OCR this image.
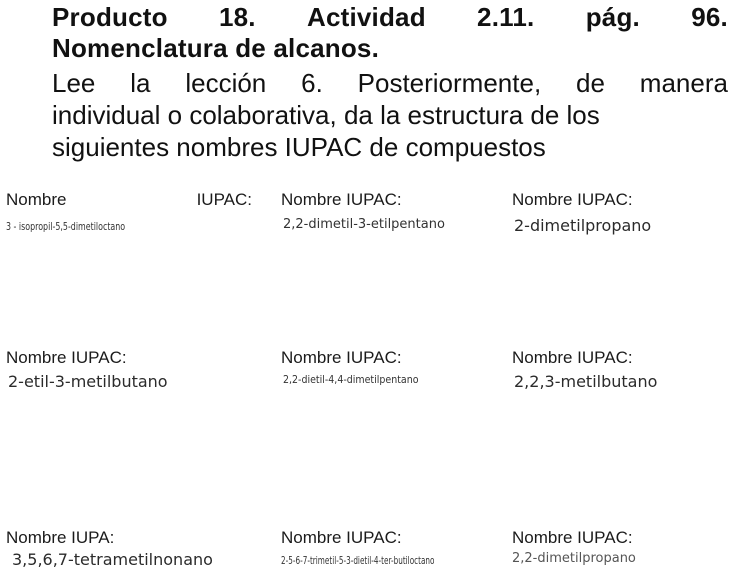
Producto 18. Actividad 2.11. pág. 96.
Nomenclatura de alcanos.
Lee la lección 6. Posteriormente, de manera
individual o colaborativa, da la estructura de los
siguientes nombres IUPAC de compuestos
Nombre	IUPAC:
3 - isopropil-5,5-dimetiloctano
Nombre IUPAC:
2,2-dimetil-3-etilpentano
Nombre IUPAC:
2-dimetilpropano
Nombre IUPAC:
2-etil-3-metilbutano
Nombre IUPAC:
2,2-dietil-4,4-dimetilpentano
Nombre IUPAC:
2,2,3-metilbutano
Nombre IUPA:
3,5,6,7-tetrametilnonano
Nombre IUPAC:
2-5-6-7-trimetil-5-3-dietil-4-ter-butiloctano
Nombre IUPAC:
2,2-dimetilpropano
